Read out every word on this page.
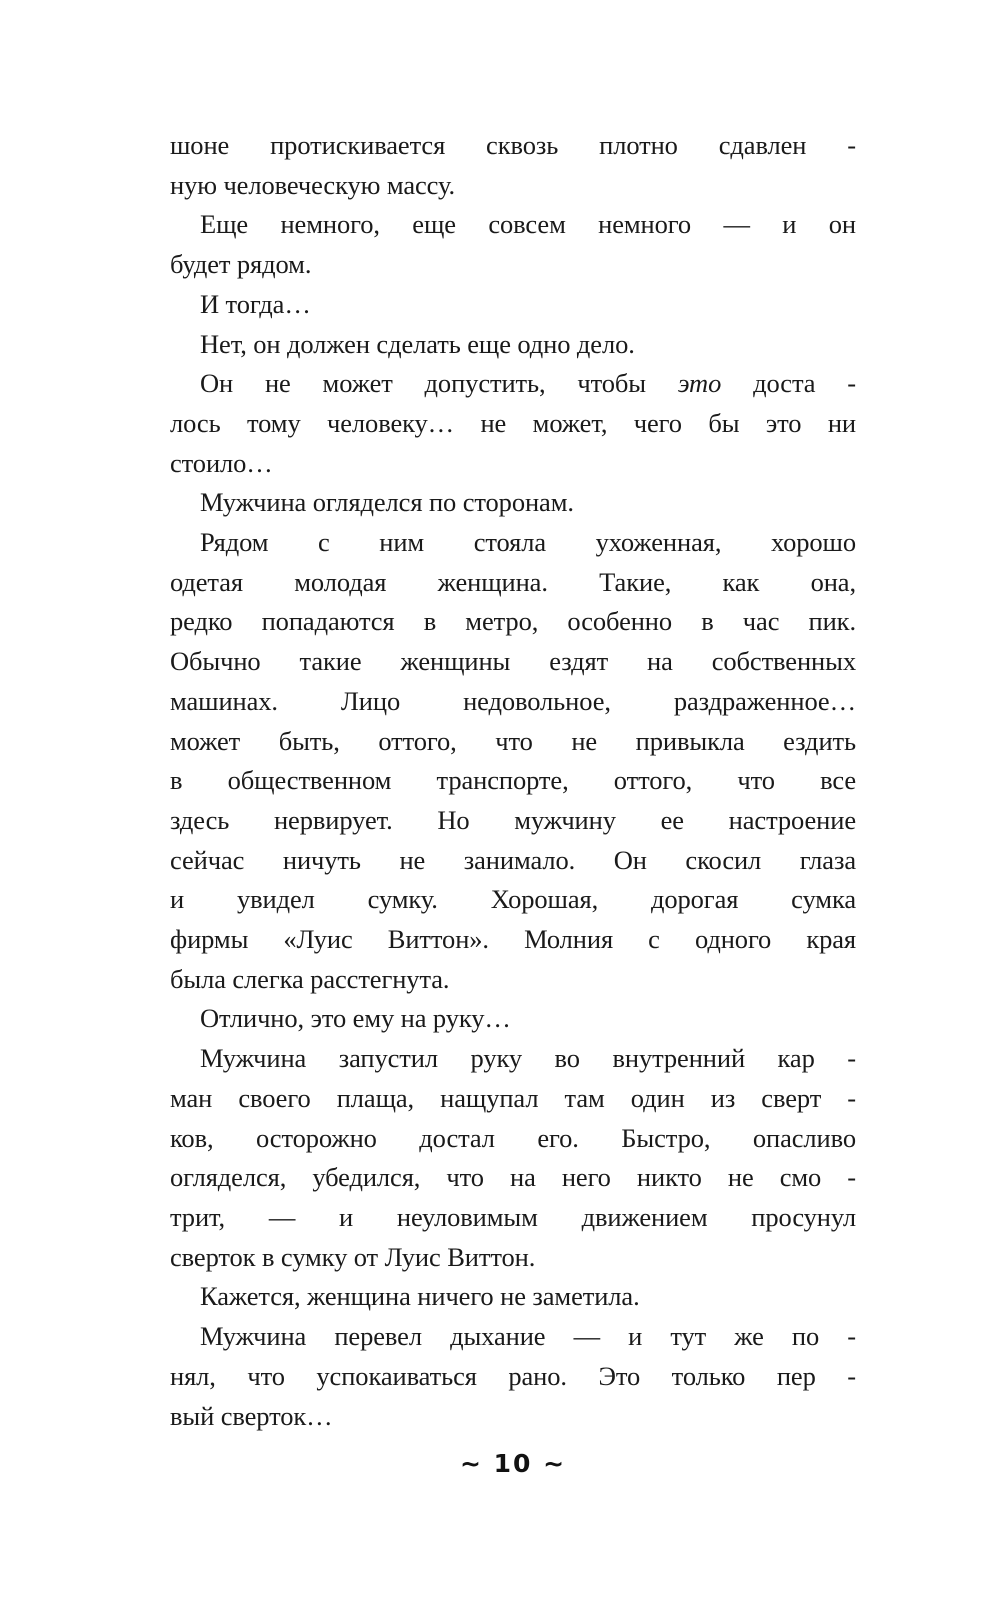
шоне протискивается сквозь плотно сдавлен -
ную человеческую массу.
Еще немного, еще совсем немного — и он
будет рядом.
И тогда…
Нет, он должен сделать еще одно дело.
Он не может допустить, чтобы это доста -
лось тому человеку… не может, чего бы это ни
стоило…
Мужчина огляделся по сторонам.
Рядом с ним стояла ухоженная, хорошо
одетая молодая женщина. Такие, как она,
редко попадаются в метро, особенно в час пик.
Обычно такие женщины ездят на собственных
машинах. Лицо недовольное, раздраженное…
может быть, оттого, что не привыкла ездить
в общественном транспорте, оттого, что все
здесь нервирует. Но мужчину ее настроение
сейчас ничуть не занимало. Он скосил глаза
и увидел сумку. Хорошая, дорогая сумка
фирмы «Луис Виттон». Молния с одного края
была слегка расстегнута.
Отлично, это ему на руку…
Мужчина запустил руку во внутренний кар -
ман своего плаща, нащупал там один из сверт -
ков, осторожно достал его. Быстро, опасливо
огляделся, убедился, что на него никто не смо -
трит, — и неуловимым движением просунул
сверток в сумку от Луис Виттон.
Кажется, женщина ничего не заметила.
Мужчина перевел дыхание — и тут же по -
нял, что успокаиваться рано. Это только пер -
вый сверток…
~ 10 ~
